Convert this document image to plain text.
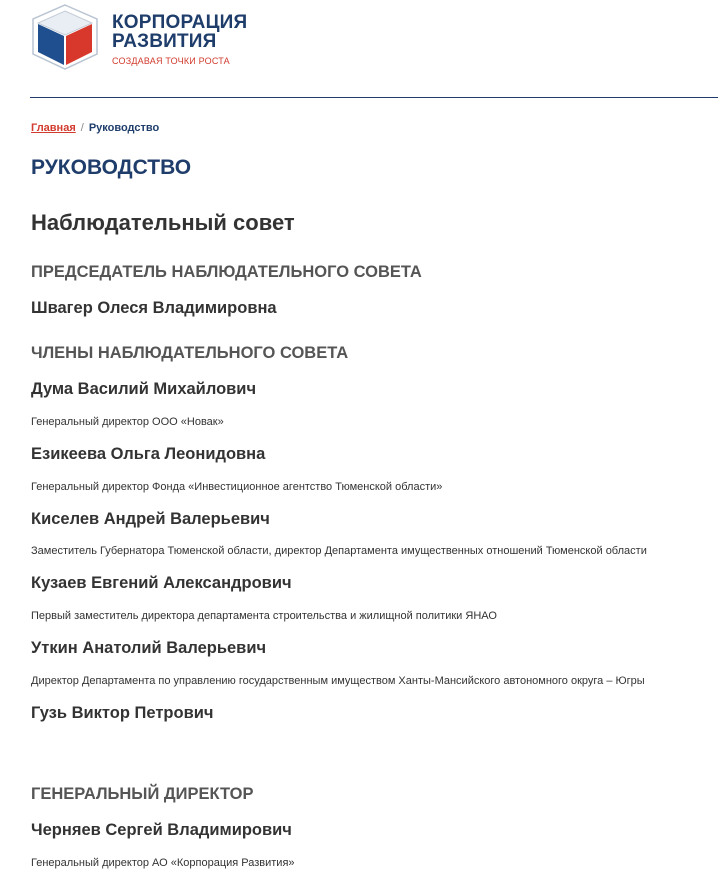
КОРПОРАЦИЯ
РАЗВИТИЯ
СОЗДАВАЯ ТОЧКИ РОСТА
Главная / Руководство
РУКОВОДСТВО
Наблюдательный совет
ПРЕДСЕДАТЕЛЬ НАБЛЮДАТЕЛЬНОГО СОВЕТА
Швагер Олеся Владимировна
ЧЛЕНЫ НАБЛЮДАТЕЛЬНОГО СОВЕТА
Дума Василий Михайлович
Генеральный директор ООО «Новак»
Езикеева Ольга Леонидовна
Генеральный директор Фонда «Инвестиционное агентство Тюменской области»
Киселев Андрей Валерьевич
Заместитель Губернатора Тюменской области, директор Департамента имущественных отношений Тюменской области
Кузаев Евгений Александрович
Первый заместитель директора департамента строительства и жилищной политики ЯНАО
Уткин Анатолий Валерьевич
Директор Департамента по управлению государственным имуществом Ханты-Мансийского автономного округа – Югры
Гузь Виктор Петрович
ГЕНЕРАЛЬНЫЙ ДИРЕКТОР
Черняев Сергей Владимирович
Генеральный директор АО «Корпорация Развития»
